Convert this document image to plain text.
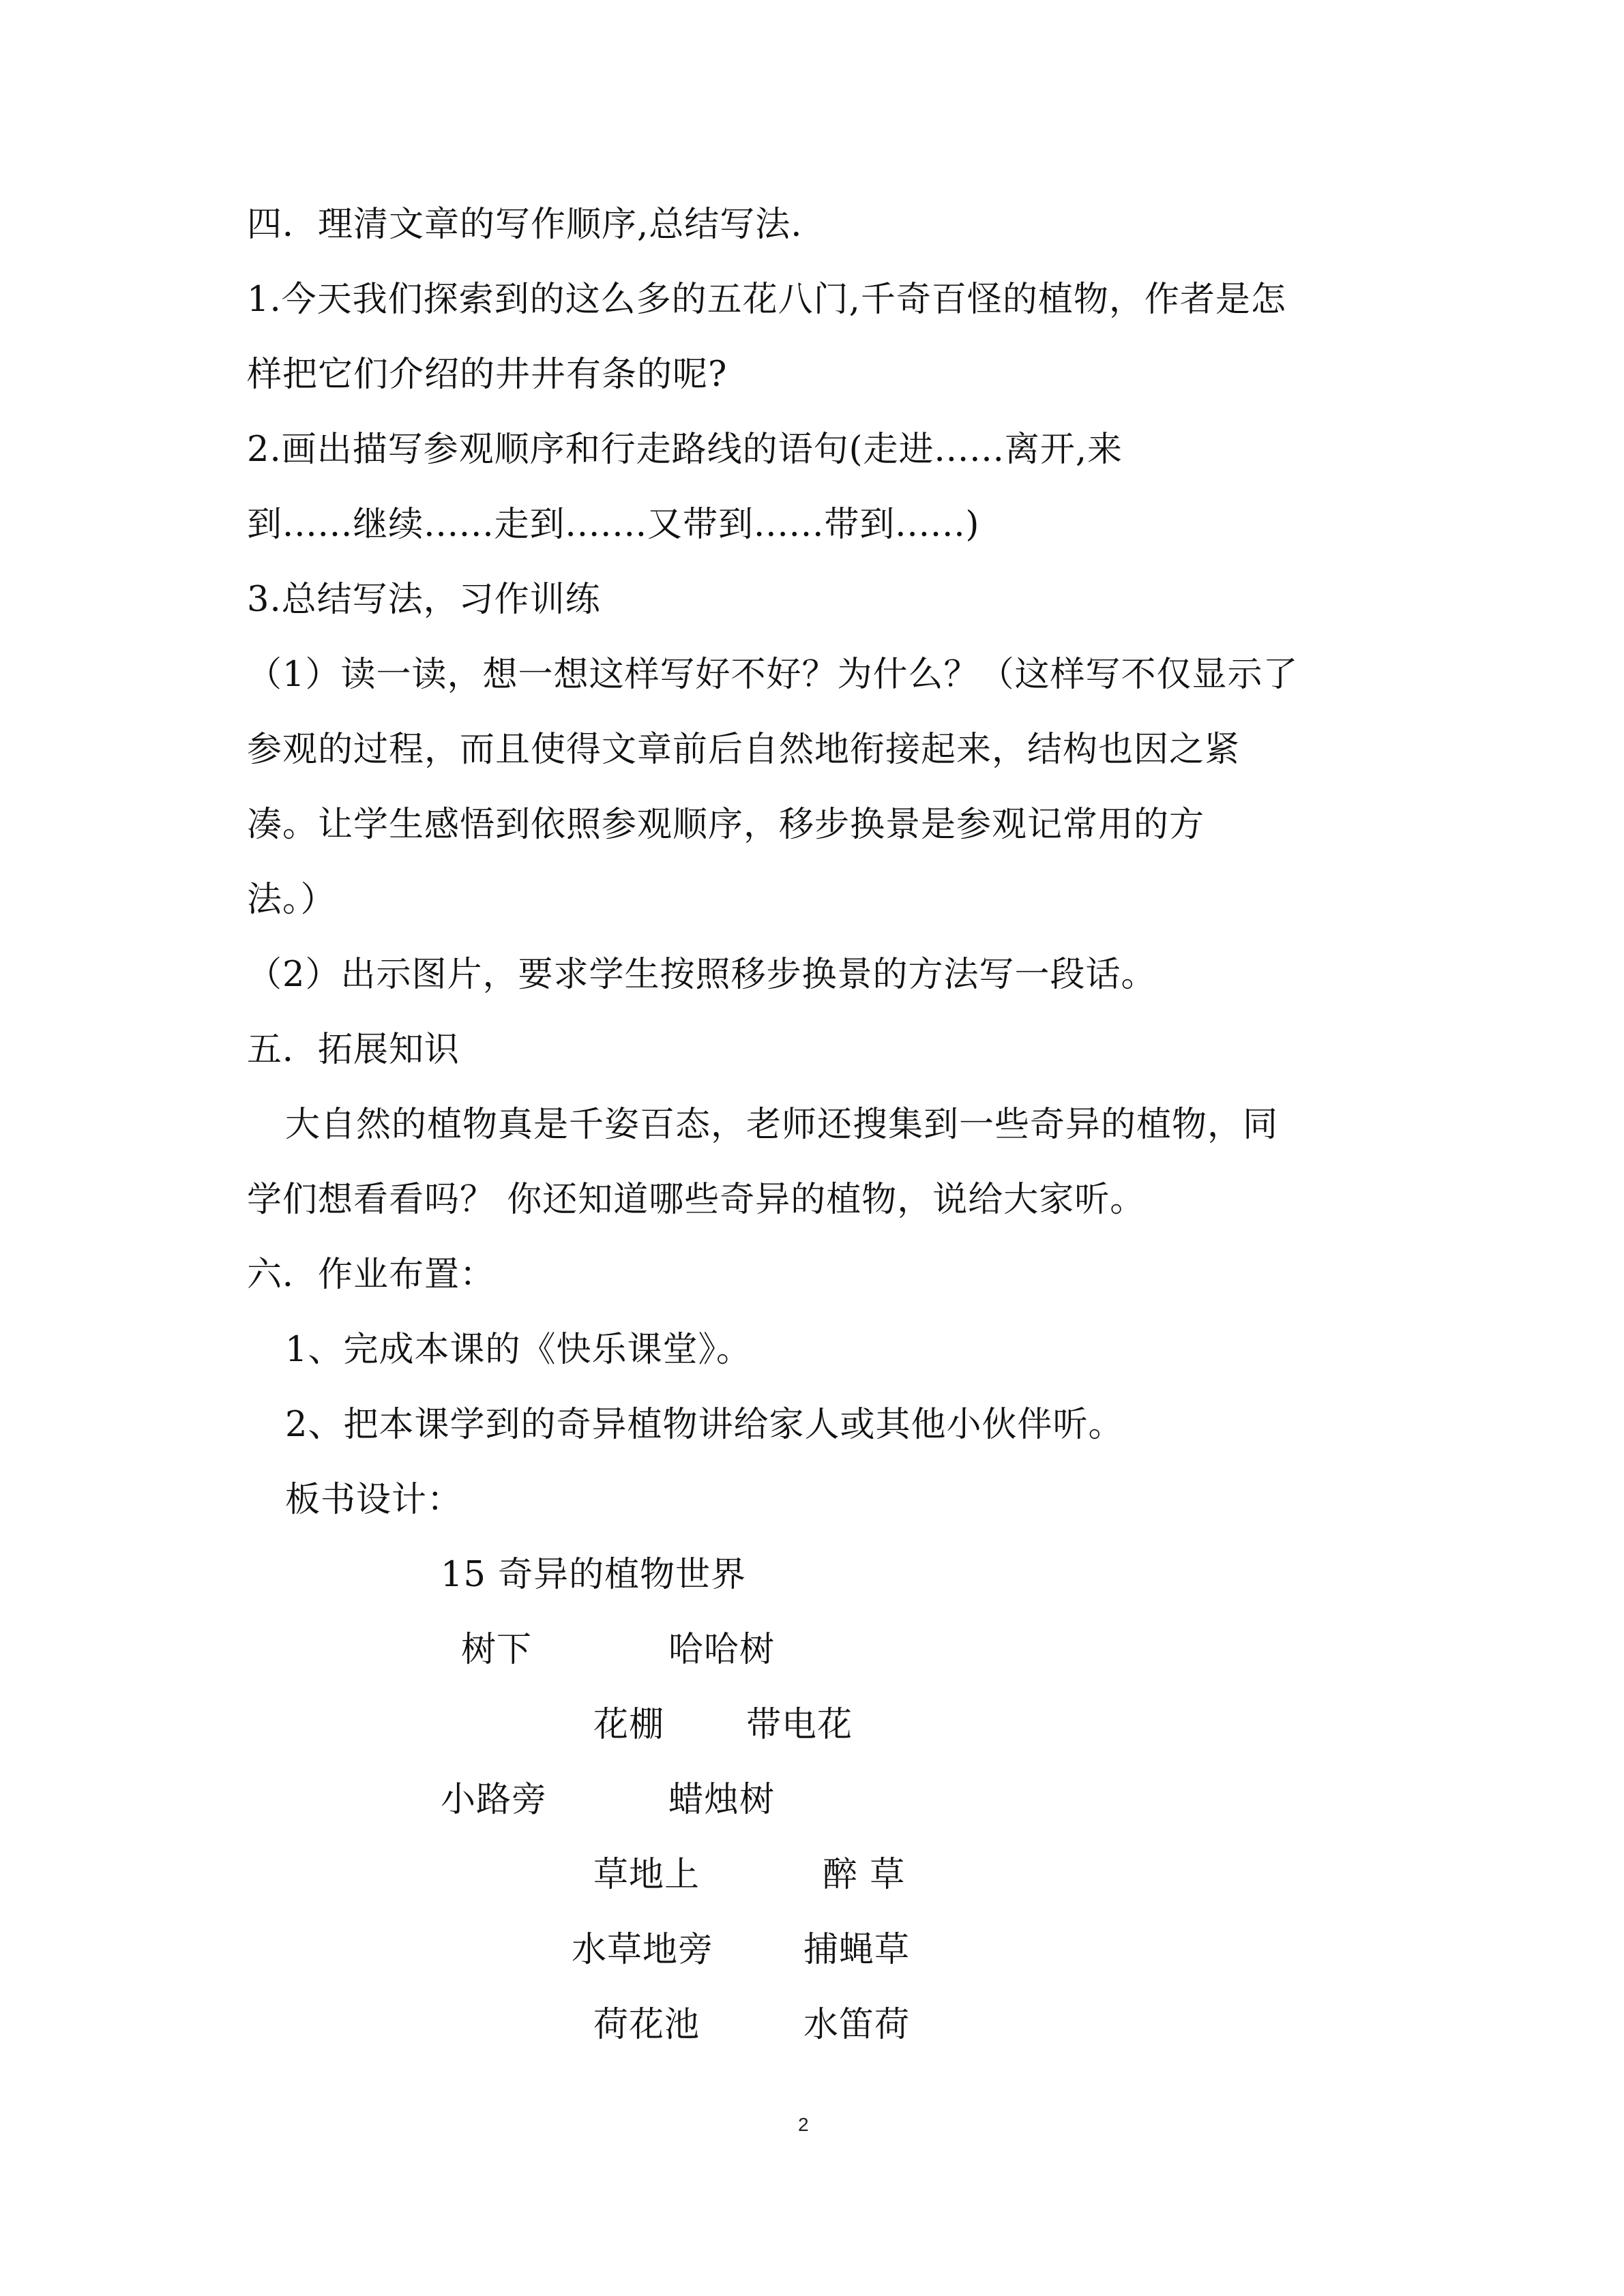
四．理清文章的写作顺序,总结写法.
1.今天我们探索到的这么多的五花八门,千奇百怪的植物，作者是怎
样把它们介绍的井井有条的呢?
2.画出描写参观顺序和行走路线的语句(走进......离开,来
到......继续......走到.......又带到......带到......)
3.总结写法，习作训练
（1）读一读，想一想这样写好不好？为什么？（这样写不仅显示了
参观的过程，而且使得文章前后自然地衔接起来，结构也因之紧
凑。让学生感悟到依照参观顺序，移步换景是参观记常用的方
法。）
（2）出示图片，要求学生按照移步换景的方法写一段话。
五．拓展知识
大自然的植物真是千姿百态，老师还搜集到一些奇异的植物，同
学们想看看吗？ 你还知道哪些奇异的植物，说给大家听。
六．作业布置：
1、完成本课的《快乐课堂》。
2、把本课学到的奇异植物讲给家人或其他小伙伴听。
板书设计：
15 奇异的植物世界
树下	哈哈树
花棚 带电花
小路旁	蜡烛树
草地上	醉 草
水草地旁	捕蝇草
荷花池	水笛荷
2
